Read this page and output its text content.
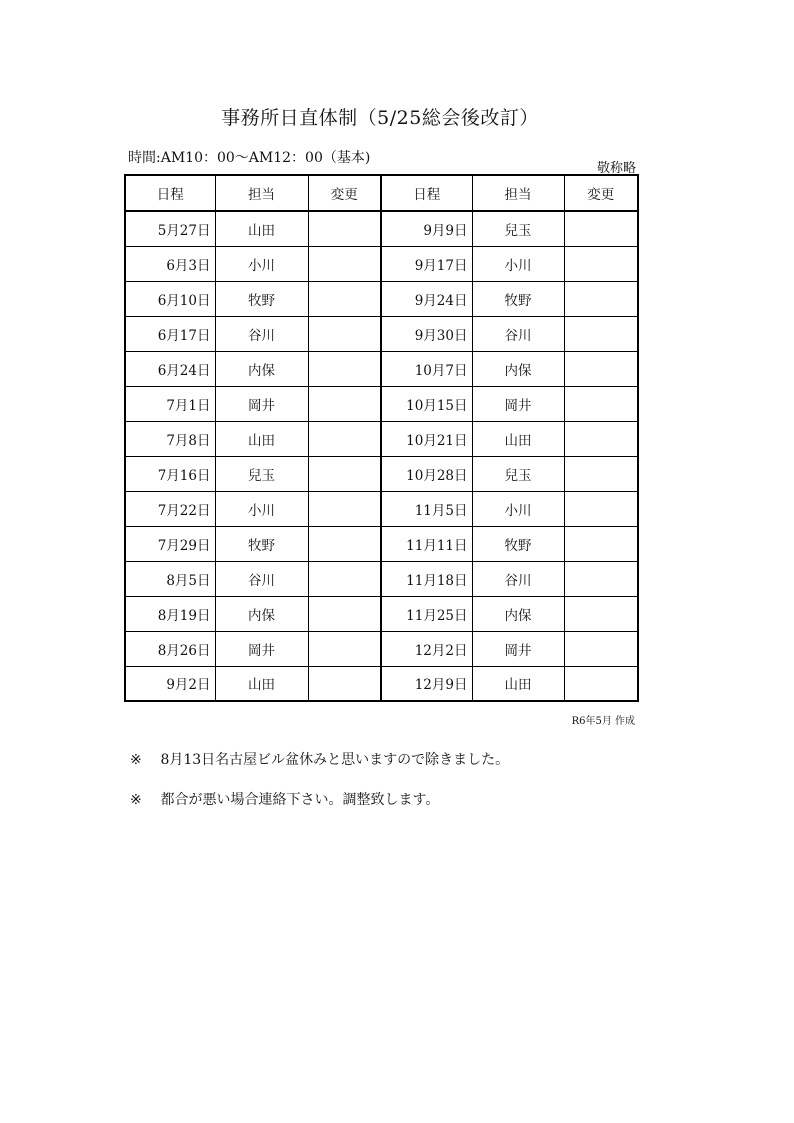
事務所日直体制（5/25総会後改訂）
時間:AM10：00～AM12：00（基本)
敬称略
日程	担当	変更	日程	担当	変更
5月27日	山田		9月9日	兒玉	
6月3日	小川		9月17日	小川	
6月10日	牧野		9月24日	牧野	
6月17日	谷川		9月30日	谷川	
6月24日	内保		10月7日	内保	
7月1日	岡井		10月15日	岡井	
7月8日	山田		10月21日	山田	
7月16日	兒玉		10月28日	兒玉	
7月22日	小川		11月5日	小川	
7月29日	牧野		11月11日	牧野	
8月5日	谷川		11月18日	谷川	
8月19日	内保		11月25日	内保	
8月26日	岡井		12月2日	岡井	
9月2日	山田		12月9日	山田	
R6年5月 作成
※ 8月13日名古屋ビル盆休みと思いますので除きました。
※ 都合が悪い場合連絡下さい。調整致します。
